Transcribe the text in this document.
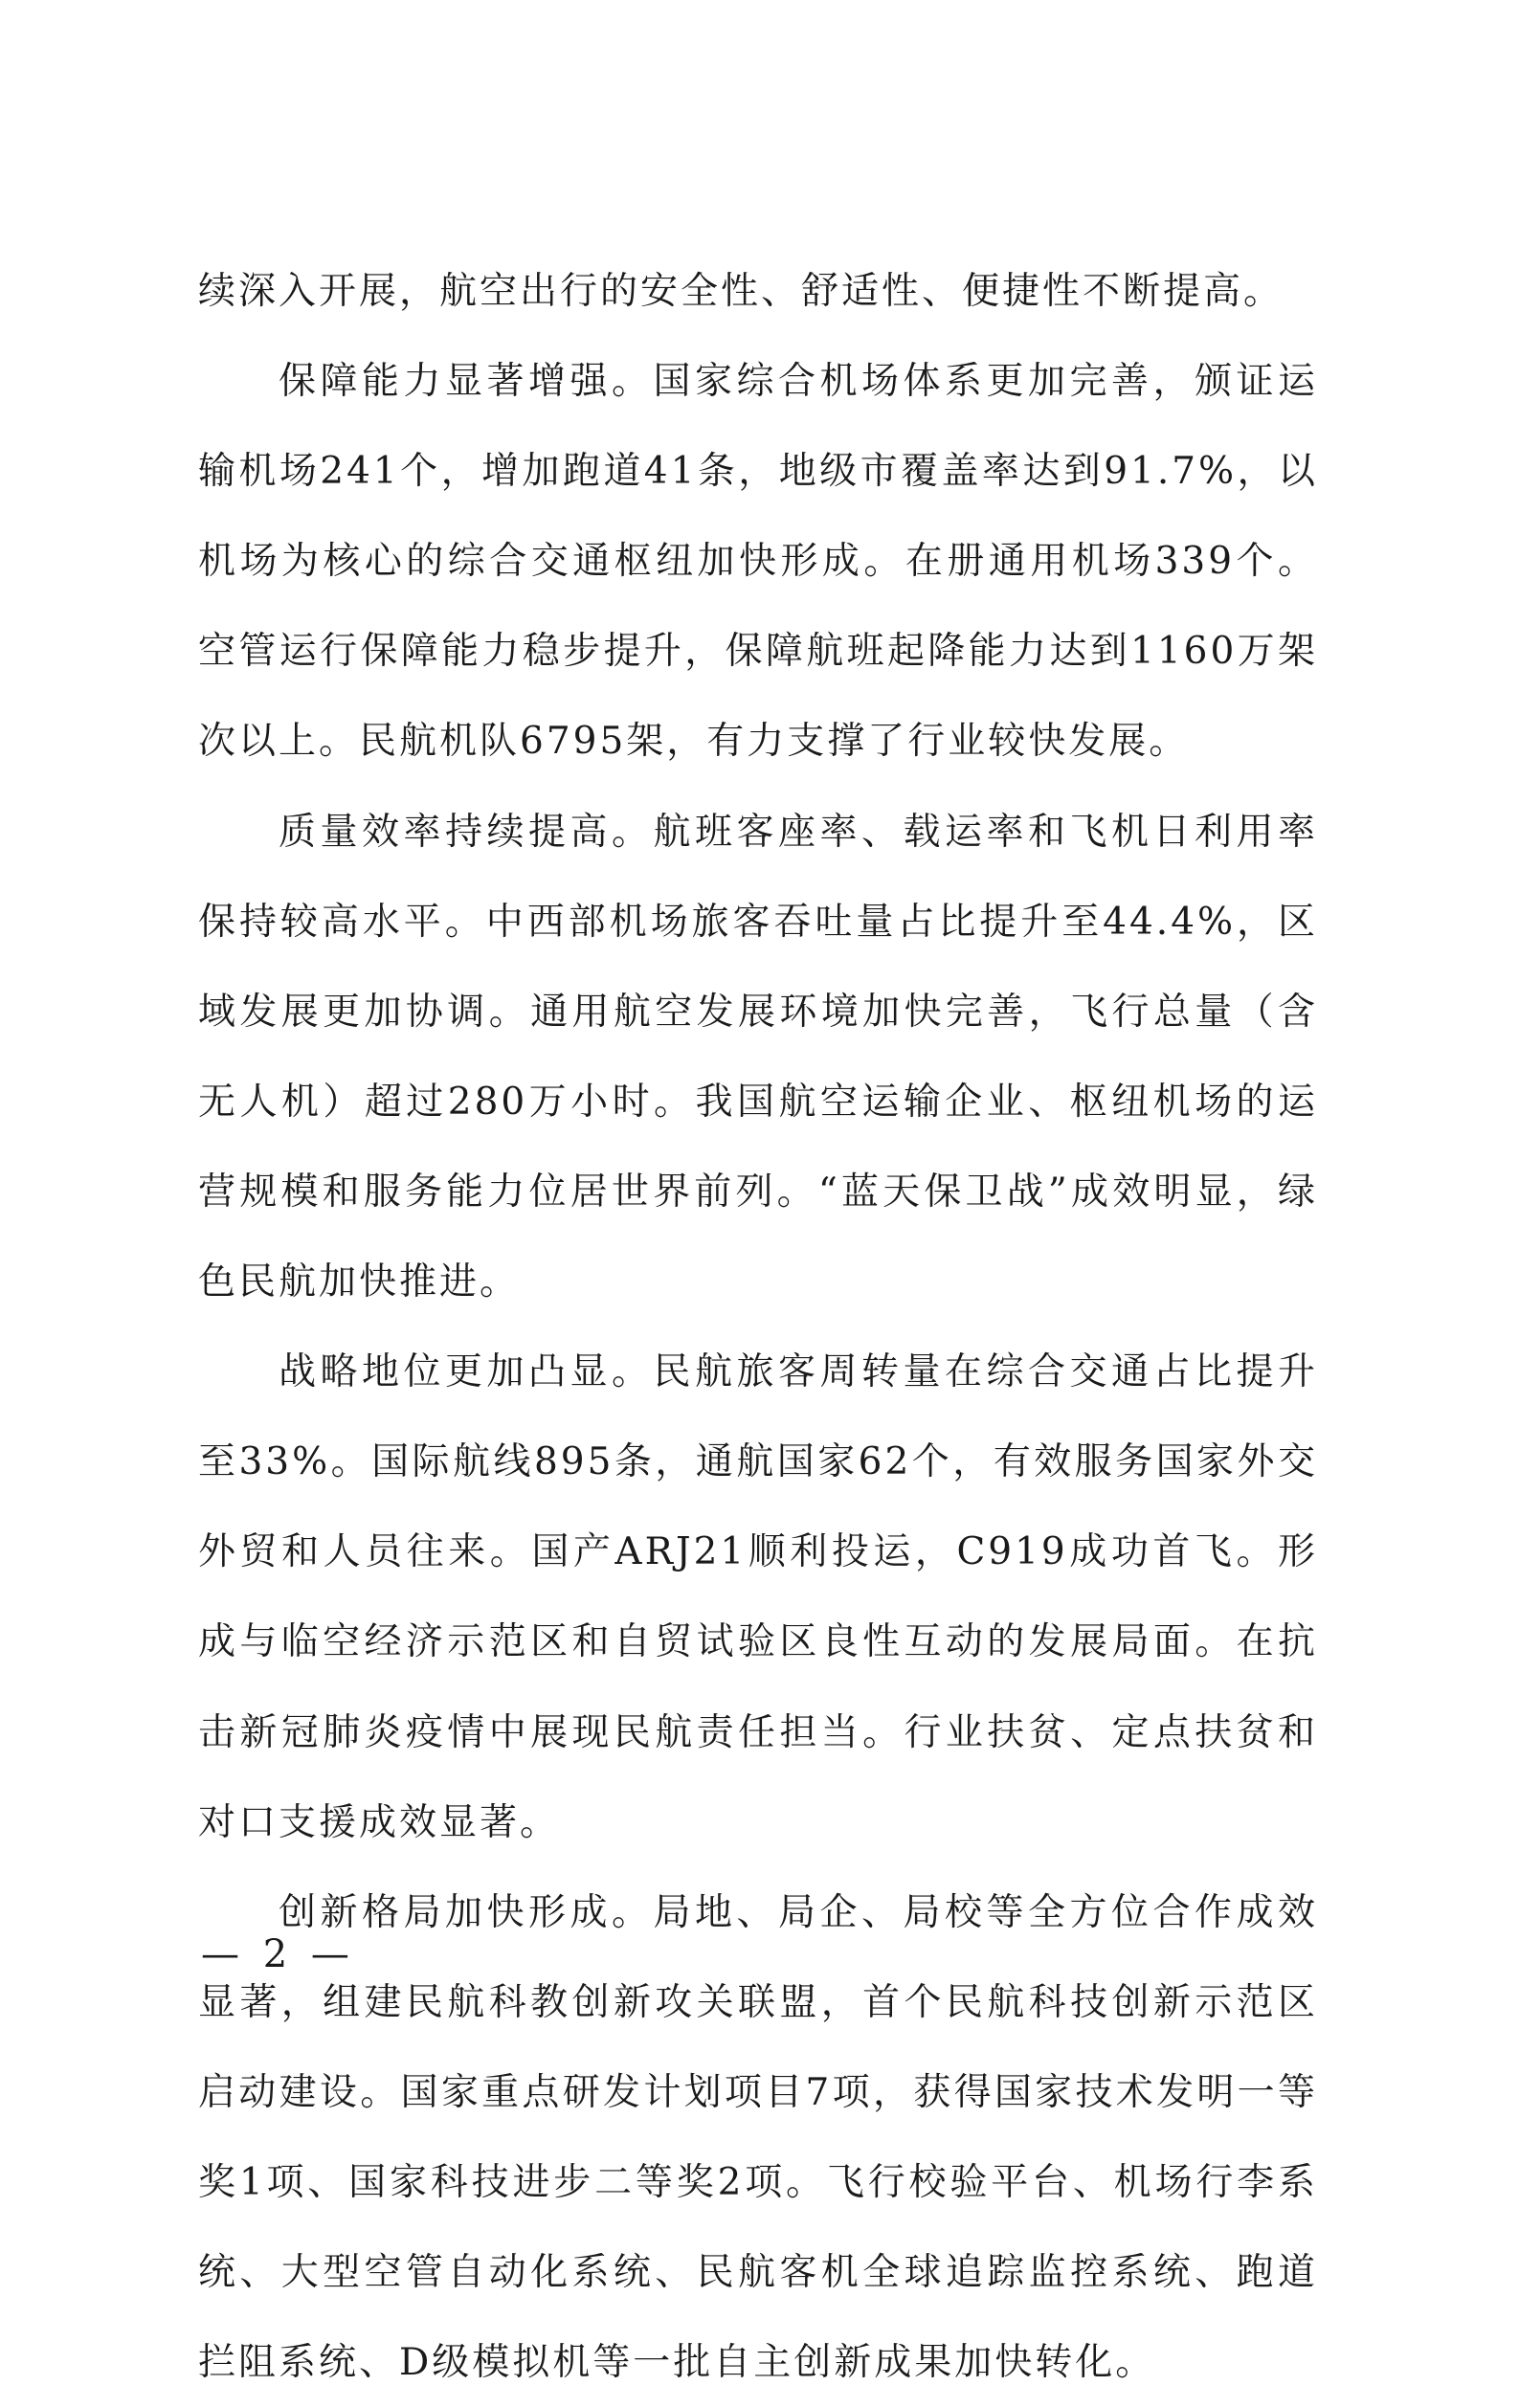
续深入开展，航空出行的安全性、舒适性、便捷性不断提高。

保障能力显著增强。国家综合机场体系更加完善，颁证运输机场241个，增加跑道41条，地级市覆盖率达到91.7%，以机场为核心的综合交通枢纽加快形成。在册通用机场339个。空管运行保障能力稳步提升，保障航班起降能力达到1160万架次以上。民航机队6795架，有力支撑了行业较快发展。

质量效率持续提高。航班客座率、载运率和飞机日利用率保持较高水平。中西部机场旅客吞吐量占比提升至44.4%，区域发展更加协调。通用航空发展环境加快完善，飞行总量（含无人机）超过280万小时。我国航空运输企业、枢纽机场的运营规模和服务能力位居世界前列。“蓝天保卫战”成效明显，绿色民航加快推进。

战略地位更加凸显。民航旅客周转量在综合交通占比提升至33%。国际航线895条，通航国家62个，有效服务国家外交外贸和人员往来。国产ARJ21顺利投运，C919成功首飞。形成与临空经济示范区和自贸试验区良性互动的发展局面。在抗击新冠肺炎疫情中展现民航责任担当。行业扶贫、定点扶贫和对口支援成效显著。

创新格局加快形成。局地、局企、局校等全方位合作成效显著，组建民航科教创新攻关联盟，首个民航科技创新示范区启动建设。国家重点研发计划项目7项，获得国家技术发明一等奖1项、国家科技进步二等奖2项。飞行校验平台、机场行李系统、大型空管自动化系统、民航客机全球追踪监控系统、跑道拦阻系统、D级模拟机等一批自主创新成果加快转化。

— 2 —
